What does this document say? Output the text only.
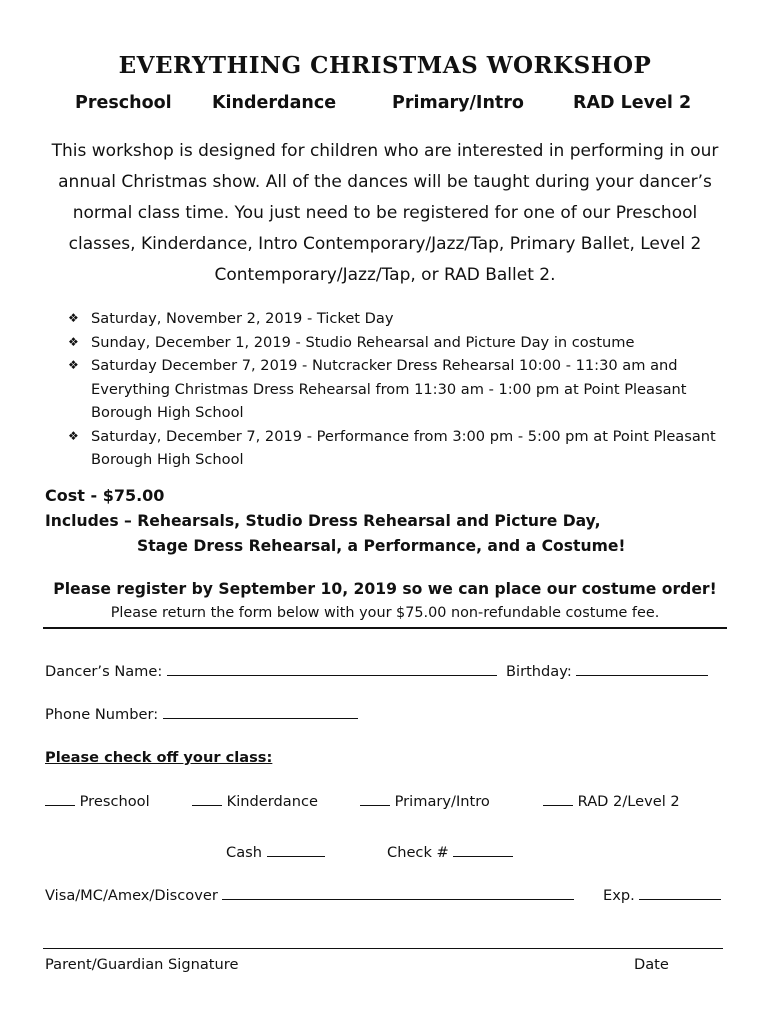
EVERYTHING CHRISTMAS WORKSHOP
Preschool Kinderdance	Primary/Intro	RAD Level 2
This workshop is designed for children who are interested in performing in our annual Christmas show. All of the dances will be taught during your dancer’s normal class time. You just need to be registered for one of our Preschool classes, Kinderdance, Intro Contemporary/Jazz/Tap, Primary Ballet, Level 2 Contemporary/Jazz/Tap, or RAD Ballet 2.
❖ Saturday, November 2, 2019 - Ticket Day
❖ Sunday, December 1, 2019 - Studio Rehearsal and Picture Day in costume
❖ Saturday December 7, 2019 - Nutcracker Dress Rehearsal 10:00 - 11:30 am and Everything Christmas Dress Rehearsal from 11:30 am - 1:00 pm at Point Pleasant Borough High School
❖ Saturday, December 7, 2019 - Performance from 3:00 pm - 5:00 pm at Point Pleasant Borough High School
Cost - $75.00
Includes – Rehearsals, Studio Dress Rehearsal and Picture Day,
Stage Dress Rehearsal, a Performance, and a Costume!
Please register by September 10, 2019 so we can place our costume order!
Please return the form below with your $75.00 non-refundable costume fee.
Dancer’s Name:	Birthday:
Phone Number:
Please check off your class:
Preschool	Kinderdance	Primary/Intro	RAD 2/Level 2
Cash	Check #
Visa/MC/Amex/Discover	Exp.
Parent/Guardian Signature	Date
